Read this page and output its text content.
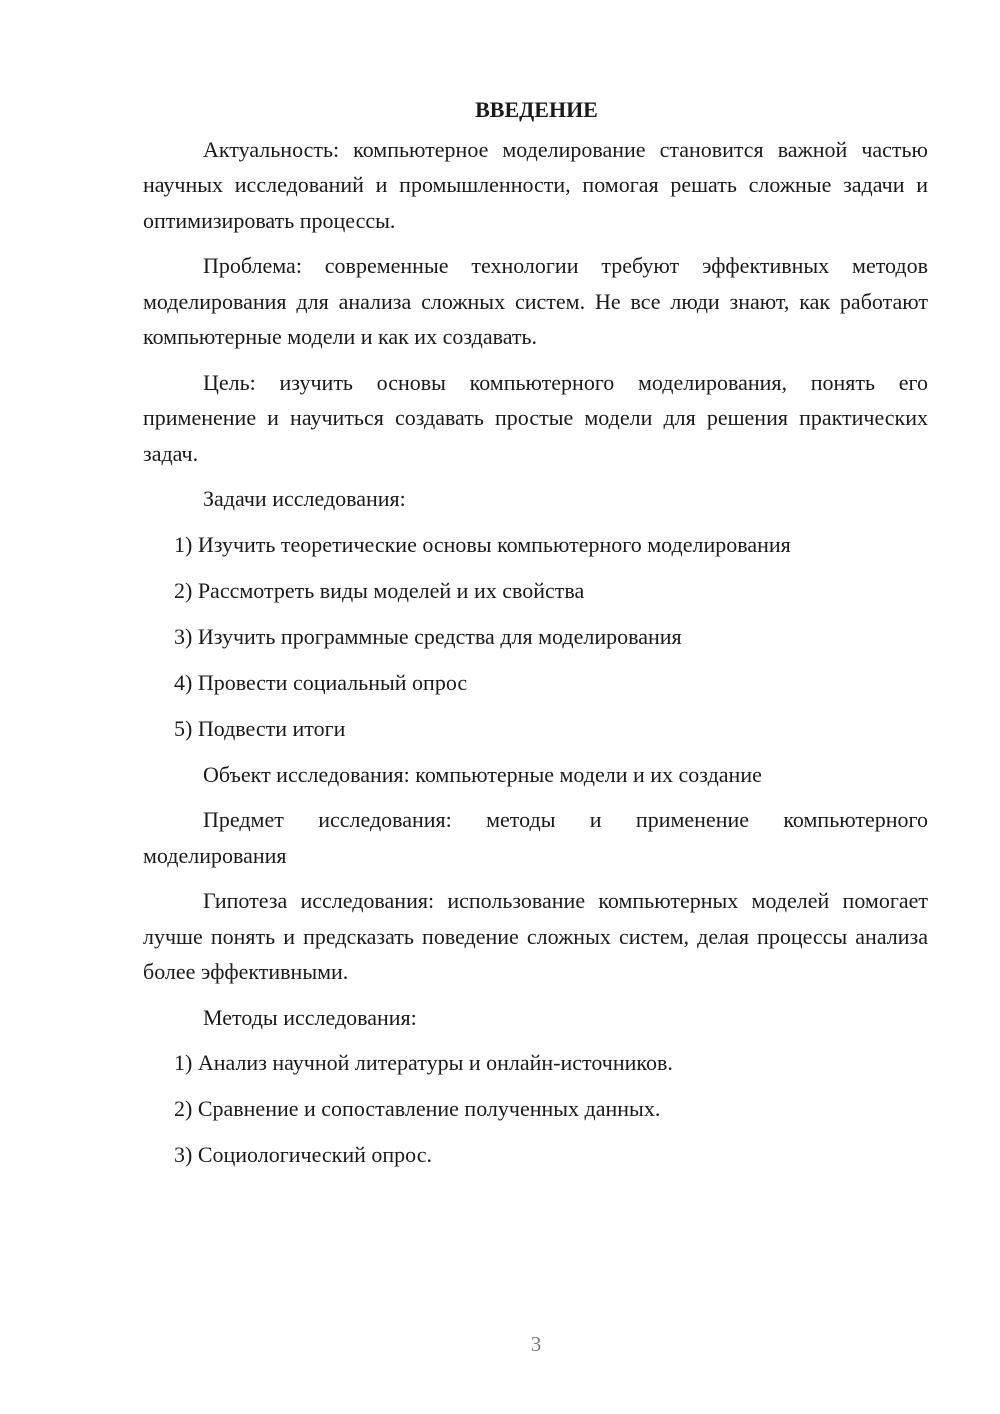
ВВЕДЕНИЕ

Актуальность: компьютерное моделирование становится важной частью научных исследований и промышленности, помогая решать сложные задачи и оптимизировать процессы.

Проблема: современные технологии требуют эффективных методов моделирования для анализа сложных систем. Не все люди знают, как работают компьютерные модели и как их создавать.

Цель: изучить основы компьютерного моделирования, понять его применение и научиться создавать простые модели для решения практических задач.

Задачи исследования:

1) Изучить теоретические основы компьютерного моделирования
2) Рассмотреть виды моделей и их свойства
3) Изучить программные средства для моделирования
4) Провести социальный опрос
5) Подвести итоги

Объект исследования: компьютерные модели и их создание

Предмет исследования: методы и применение компьютерного моделирования

Гипотеза исследования: использование компьютерных моделей помогает лучше понять и предсказать поведение сложных систем, делая процессы анализа более эффективными.

Методы исследования:

1) Анализ научной литературы и онлайн-источников.
2) Сравнение и сопоставление полученных данных.
3) Социологический опрос.
3
